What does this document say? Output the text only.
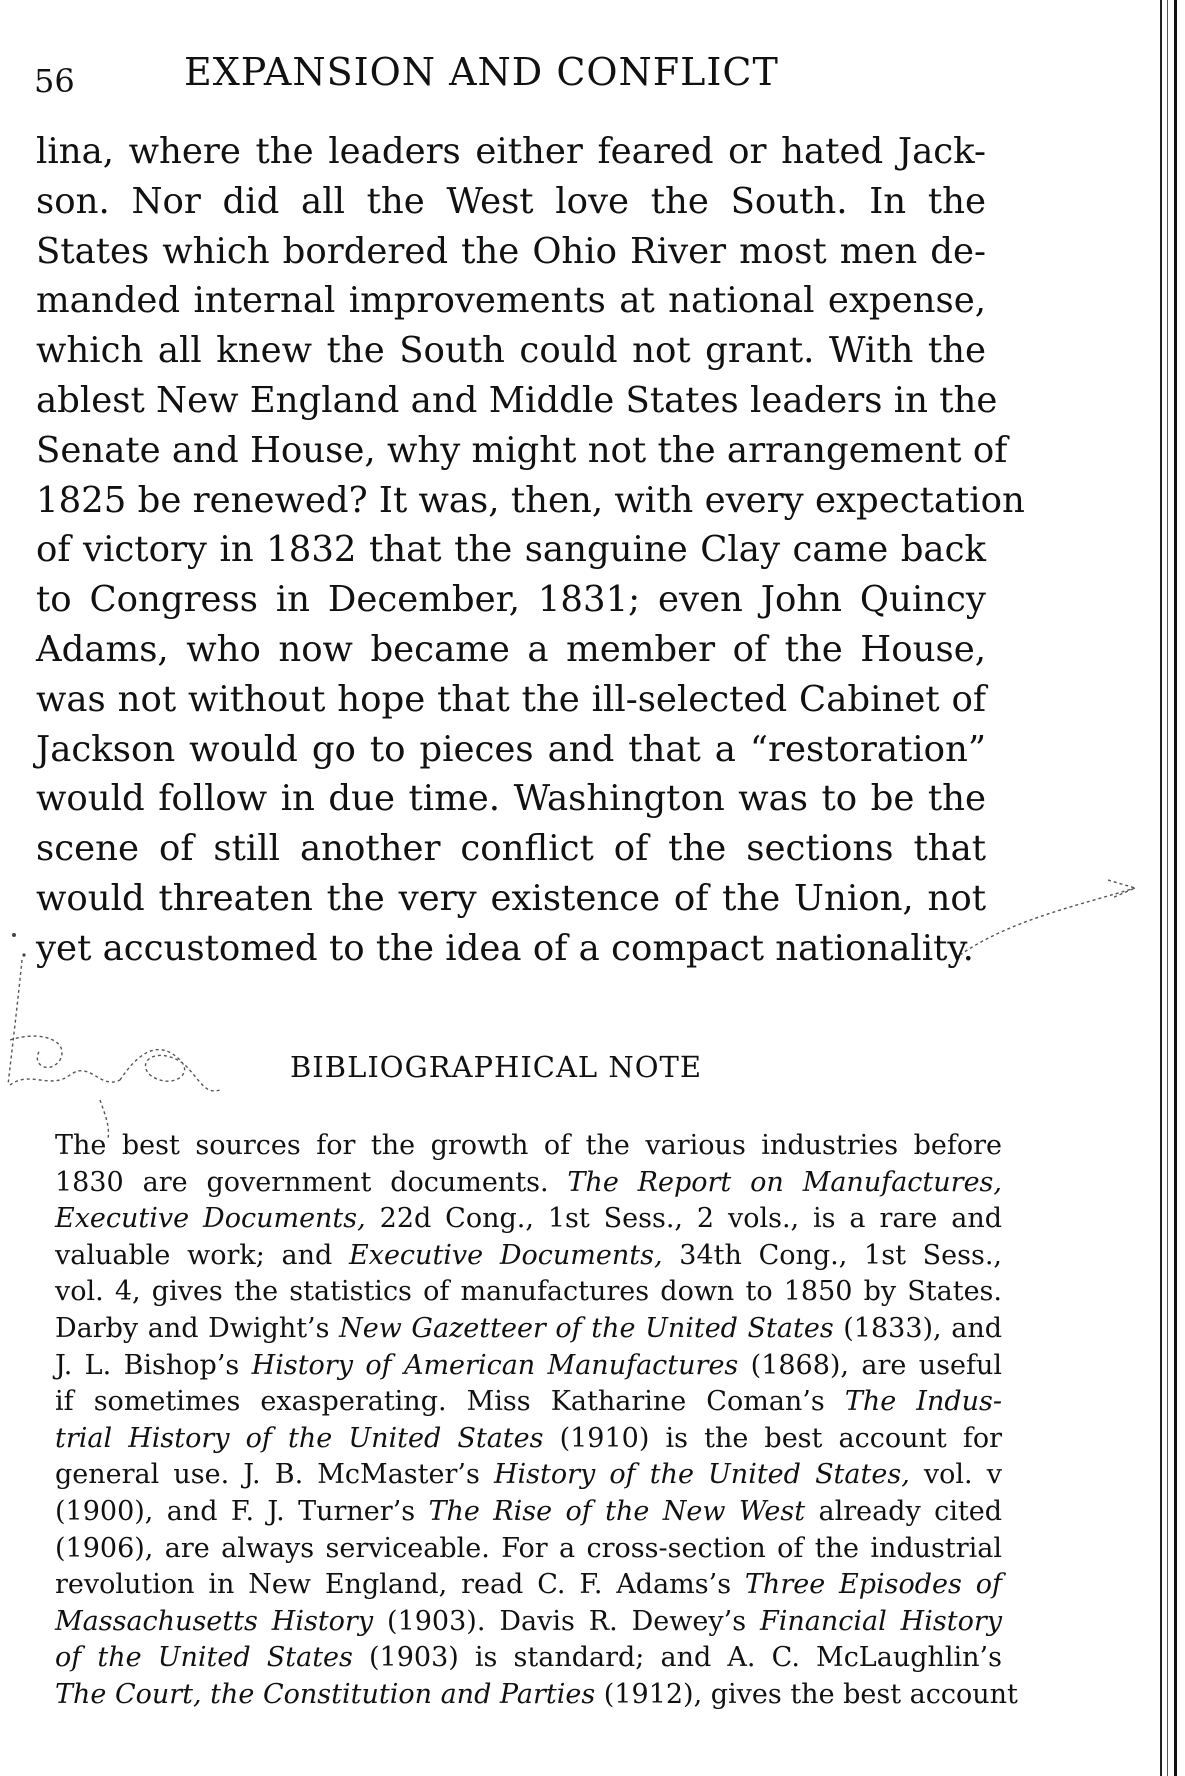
56	EXPANSION AND CONFLICT
lina, where the leaders either feared or hated Jack-
son. Nor did all the West love the South. In the
States which bordered the Ohio River most men de-
manded internal improvements at national expense,
which all knew the South could not grant. With the
ablest New England and Middle States leaders in the
Senate and House, why might not the arrangement of
1825 be renewed? It was, then, with every expectation
of victory in 1832 that the sanguine Clay came back
to Congress in December, 1831; even John Quincy
Adams, who now became a member of the House,
was not without hope that the ill-selected Cabinet of
Jackson would go to pieces and that a “restoration”
would follow in due time. Washington was to be the
scene of still another conflict of the sections that
would threaten the very existence of the Union, not
yet accustomed to the idea of a compact nationality.
BIBLIOGRAPHICAL NOTE
The best sources for the growth of the various industries before
1830 are government documents. The Report on Manufactures,
Executive Documents, 22d Cong., 1st Sess., 2 vols., is a rare and
valuable work; and Executive Documents, 34th Cong., 1st Sess.,
vol. 4, gives the statistics of manufactures down to 1850 by States.
Darby and Dwight’s New Gazetteer of the United States (1833), and
J. L. Bishop’s History of American Manufactures (1868), are useful
if sometimes exasperating. Miss Katharine Coman’s The Indus-
trial History of the United States (1910) is the best account for
general use. J. B. McMaster’s History of the United States, vol. v
(1900), and F. J. Turner’s The Rise of the New West already cited
(1906), are always serviceable. For a cross-section of the industrial
revolution in New England, read C. F. Adams’s Three Episodes of
Massachusetts History (1903). Davis R. Dewey’s Financial History
of the United States (1903) is standard; and A. C. McLaughlin’s
The Court, the Constitution and Parties (1912), gives the best account
